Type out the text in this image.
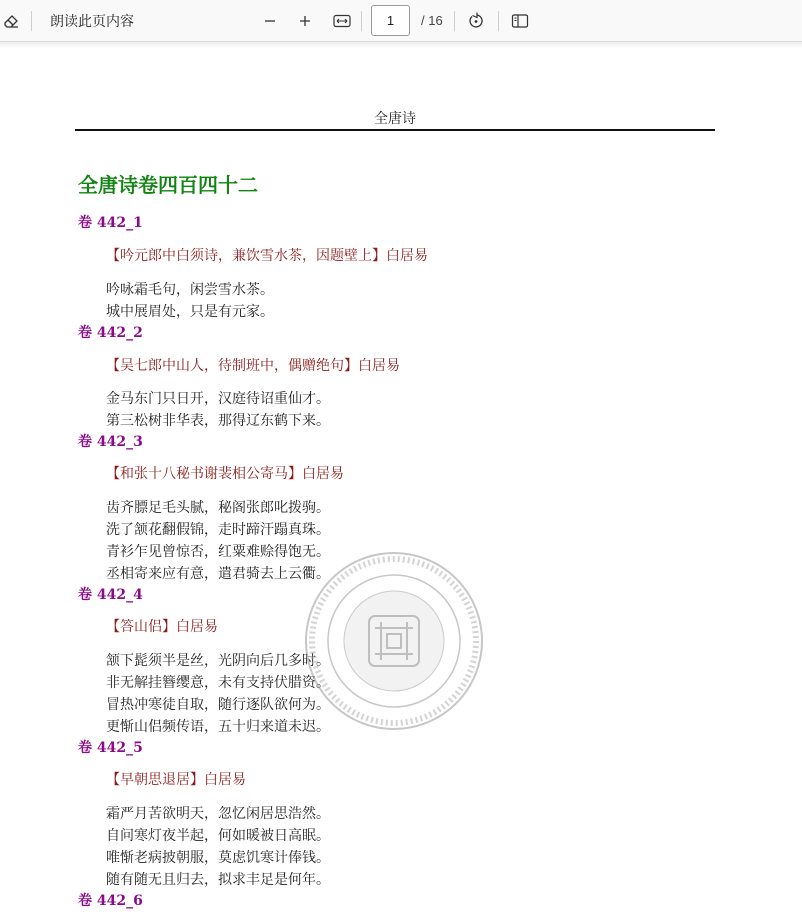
朗读此页内容
1	/ 16
全唐诗
全唐诗卷四百四十二
卷 442_1
【吟元郎中白须诗，兼饮雪水茶，因题壁上】白居易
吟咏霜毛句，闲尝雪水茶。
城中展眉处，只是有元家。
卷 442_2
【吴七郎中山人，待制班中，偶赠绝句】白居易
金马东门只日开，汉庭待诏重仙才。
第三松树非华表，那得辽东鹤下来。
卷 442_3
【和张十八秘书谢裴相公寄马】白居易
齿齐膘足毛头腻，秘阁张郎叱拨驹。
洗了颔花翻假锦，走时蹄汗蹋真珠。
青衫乍见曾惊否，红粟难赊得饱无。
丞相寄来应有意，遣君骑去上云衢。
卷 442_4
【答山侣】白居易
颔下髭须半是丝，光阴向后几多时。
非无解挂簪缨意，未有支持伏腊资。
冒热冲寒徒自取，随行逐队欲何为。
更惭山侣频传语，五十归来道未迟。
卷 442_5
【早朝思退居】白居易
霜严月苦欲明天，忽忆闲居思浩然。
自问寒灯夜半起，何如暖被日高眠。
唯惭老病披朝服，莫虑饥寒计俸钱。
随有随无且归去，拟求丰足是何年。
卷 442_6
